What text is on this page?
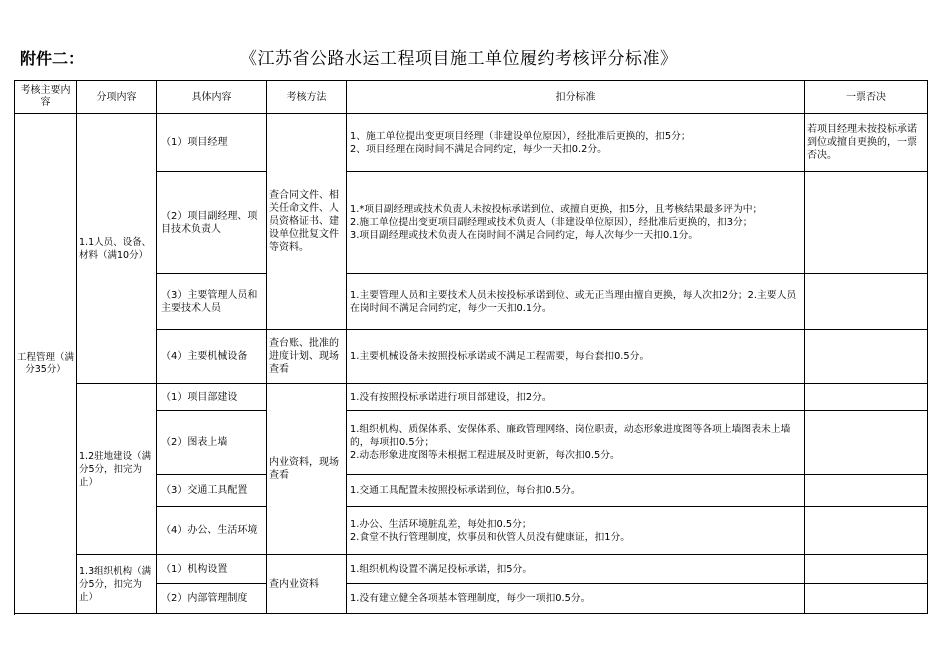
附件二：	《江苏省公路水运工程项目施工单位履约考核评分标准》
考核主要内容	分项内容	具体内容	考核方法	扣分标准	一票否决
工程管理（满分35分）	1.1人员、设备、材料（满10分）	（1）项目经理	查合同文件、相关任命文件、人员资格证书、建设单位批复文件等资料。	1、施工单位提出变更项目经理（非建设单位原因），经批准后更换的，扣5分；
2、项目经理在岗时间不满足合同约定，每少一天扣0.2分。	若项目经理未按投标承诺到位或擅自更换的，一票否决。
		（2）项目副经理、项目技术负责人		1.*项目副经理或技术负责人未按投标承诺到位、或擅自更换，扣5分，且考核结果最多评为中；
2.施工单位提出变更项目副经理或技术负责人（非建设单位原因），经批准后更换的，扣3分；
3.项目副经理或技术负责人在岗时间不满足合同约定，每人次每少一天扣0.1分。	
		（3）主要管理人员和主要技术人员		1.主要管理人员和主要技术人员未按投标承诺到位、或无正当理由擅自更换，每人次扣2分；2.主要人员在岗时间不满足合同约定，每少一天扣0.1分。	
		（4）主要机械设备	查台账、批准的进度计划、现场查看	1.主要机械设备未按照投标承诺或不满足工程需要，每台套扣0.5分。	
	1.2驻地建设（满分5分，扣完为止）	（1）项目部建设	内业资料，现场查看	1.没有按照投标承诺进行项目部建设，扣2分。	
		（2）图表上墙		1.组织机构、质保体系、安保体系、廉政管理网络、岗位职责，动态形象进度图等各项上墙图表未上墙的，每项扣0.5分；
2.动态形象进度图等未根据工程进展及时更新，每次扣0.5分。	
		（3）交通工具配置		1.交通工具配置未按照投标承诺到位，每台扣0.5分。	
		（4）办公、生活环境		1.办公、生活环境脏乱差，每处扣0.5分；
2.食堂不执行管理制度，炊事员和伙管人员没有健康证，扣1分。	
	1.3组织机构（满分5分，扣完为止）	（1）机构设置	查内业资料	1.组织机构设置不满足投标承诺，扣5分。	
		（2）内部管理制度		1.没有建立健全各项基本管理制度，每少一项扣0.5分。	
